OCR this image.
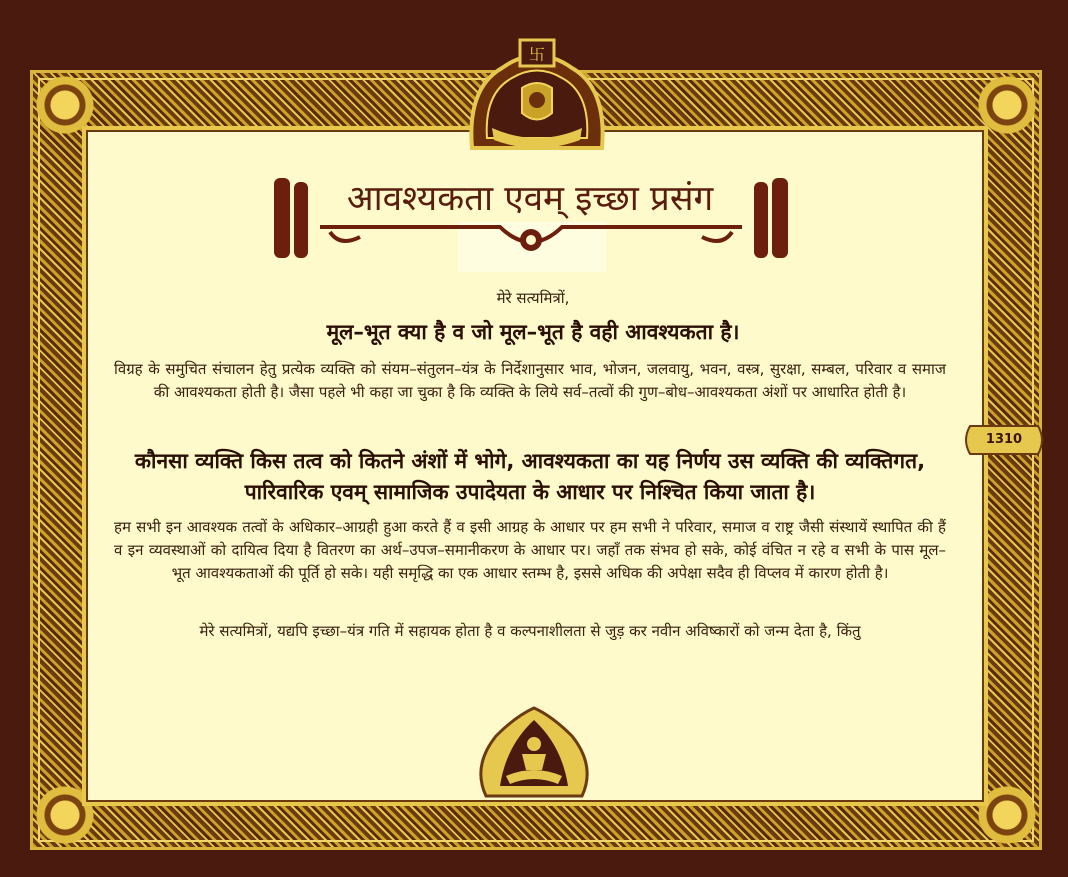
卐
श्री सनातन हिंदू विधान
आवश्यकता एवम् इच्छा प्रसंग
1310
मेरे सत्यमित्रों,
मूल–भूत क्या है व जो मूल–भूत है वही आवश्यकता है।
विग्रह के समुचित संचालन हेतु प्रत्येक व्यक्ति को संयम–संतुलन–यंत्र के निर्देशानुसार भाव, भोजन, जलवायु, भवन, वस्त्र, सुरक्षा, सम्बल, परिवार व समाज की आवश्यकता होती है। जैसा पहले भी कहा जा चुका है कि व्यक्ति के लिये सर्व–तत्वों की गुण–बोध–आवश्यकता अंशों पर आधारित होती है।
कौनसा व्यक्ति किस तत्व को कितने अंशों में भोगे, आवश्यकता का यह निर्णय उस व्यक्ति की व्यक्तिगत, पारिवारिक एवम् सामाजिक उपादेयता के आधार पर निश्चित किया जाता है।
हम सभी इन आवश्यक तत्वों के अधिकार–आग्रही हुआ करते हैं व इसी आग्रह के आधार पर हम सभी ने परिवार, समाज व राष्ट्र जैसी संस्थायें स्थापित की हैं व इन व्यवस्थाओं को दायित्व दिया है वितरण का अर्थ–उपज–समानीकरण के आधार पर। जहाँ तक संभव हो सके, कोई वंचित न रहे व सभी के पास मूल–भूत आवश्यकताओं की पूर्ति हो सके। यही समृद्धि का एक आधार स्तम्भ है, इससे अधिक की अपेक्षा सदैव ही विप्लव में कारण होती है।
मेरे सत्यमित्रों, यद्यपि इच्छा–यंत्र गति में सहायक होता है व कल्पनाशीलता से जुड़ कर नवीन अविष्कारों को जन्म देता है, किंतु
